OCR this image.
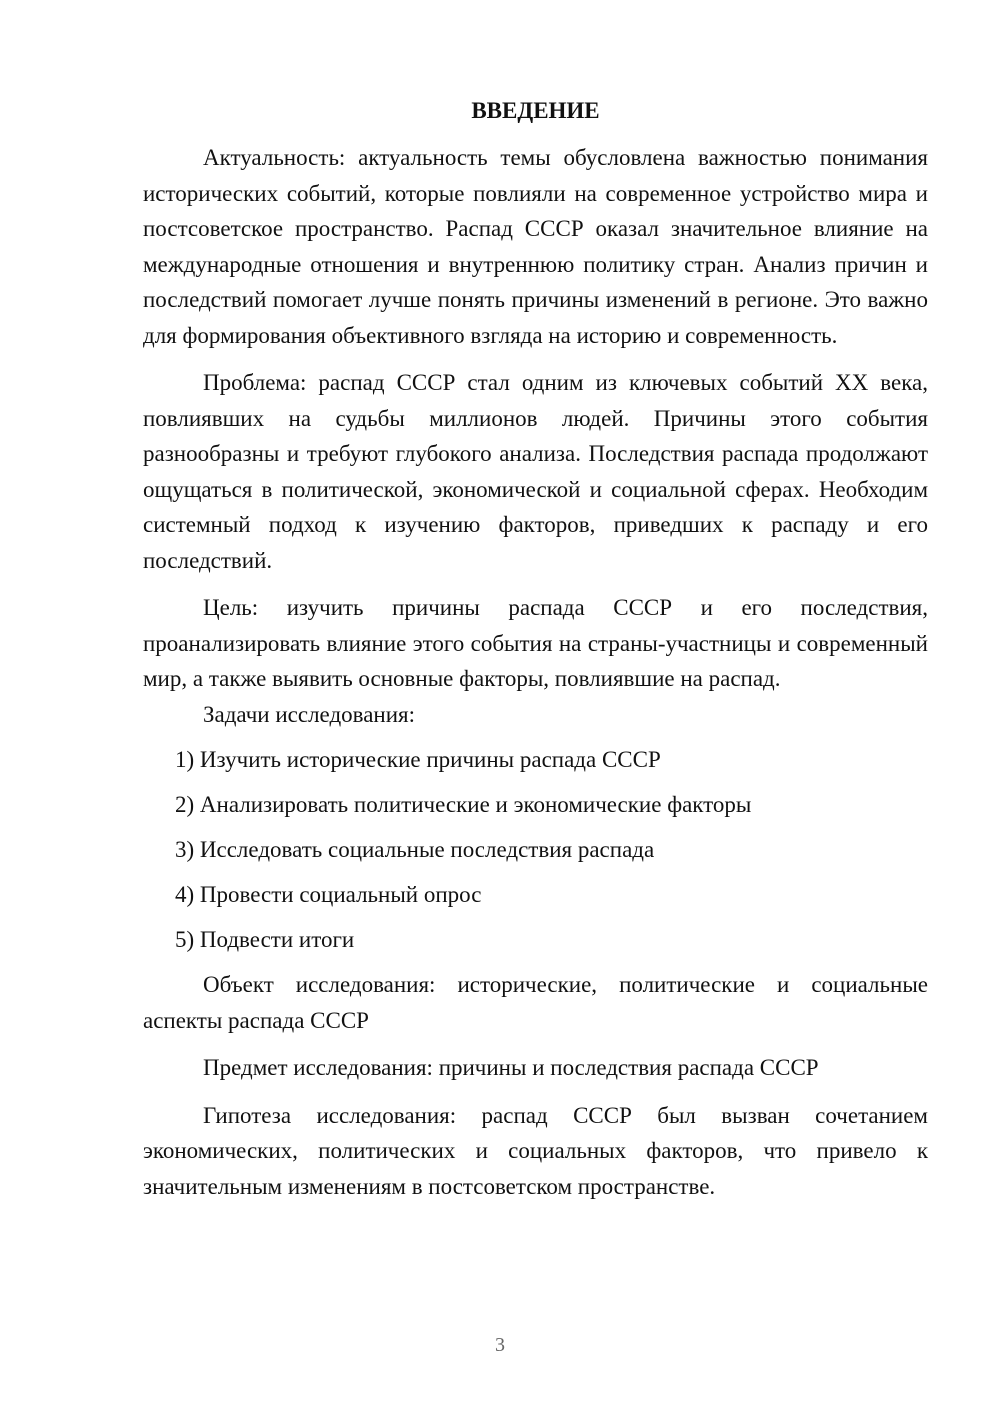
ВВЕДЕНИЕ

Актуальность: актуальность темы обусловлена важностью понимания исторических событий, которые повлияли на современное устройство мира и постсоветское пространство. Распад СССР оказал значительное влияние на международные отношения и внутреннюю политику стран. Анализ причин и последствий помогает лучше понять причины изменений в регионе. Это важно для формирования объективного взгляда на историю и современность.

Проблема: распад СССР стал одним из ключевых событий XX века, повлиявших на судьбы миллионов людей. Причины этого события разнообразны и требуют глубокого анализа. Последствия распада продолжают ощущаться в политической, экономической и социальной сферах. Необходим системный подход к изучению факторов, приведших к распаду и его последствий.

Цель: изучить причины распада СССР и его последствия, проанализировать влияние этого события на страны-участницы и современный мир, а также выявить основные факторы, повлиявшие на распад.

Задачи исследования:

1) Изучить исторические причины распада СССР
2) Анализировать политические и экономические факторы
3) Исследовать социальные последствия распада
4) Провести социальный опрос
5) Подвести итоги

Объект исследования: исторические, политические и социальные аспекты распада СССР

Предмет исследования: причины и последствия распада СССР

Гипотеза исследования: распад СССР был вызван сочетанием экономических, политических и социальных факторов, что привело к значительным изменениям в постсоветском пространстве.

3
